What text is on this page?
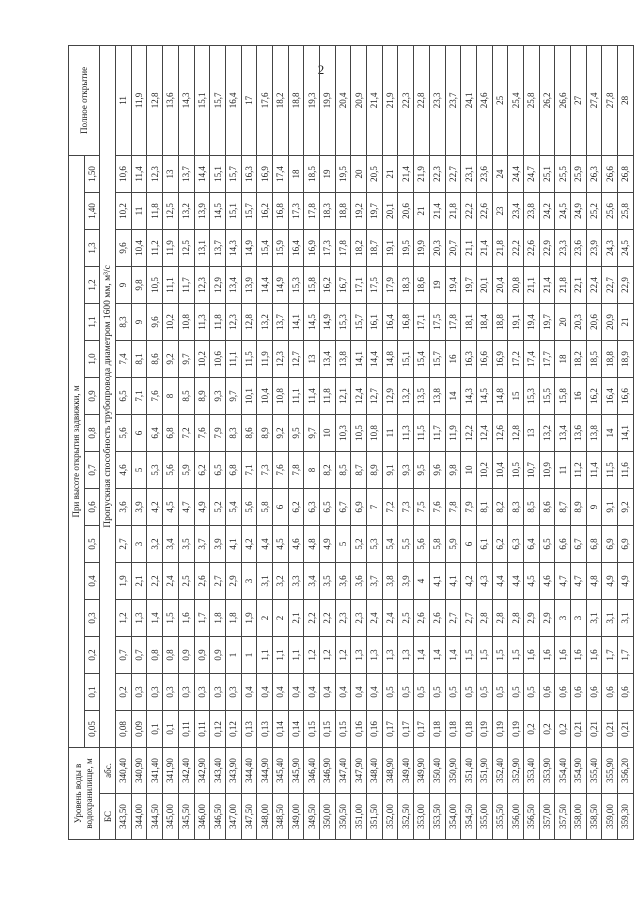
2
Уровень воды в водохранилище, м		При высоте открытия задвижки, м																Полное открытие
		0,05	0,1	0,2	0,3	0,4	0,5	0,6	0,7	0,8	0,9	1,0	1,1	1,2	1,3	1,40	1,50	
БС	абс.	Пропускная способность трубопровода диаметром 1600 мм, м³/с																
343,50	340,40	0,08	0,2	0,7	1,2	1,9	2,7	3,6	4,6	5,6	6,5	7,4	8,3	9	9,6	10,2	10,6	11
344,00	340,90	0,09	0,3	0,7	1,3	2,1	3	3,9	5	6	7,1	8,1	9	9,8	10,4	11	11,4	11,9
344,50	341,40	0,1	0,3	0,8	1,4	2,2	3,2	4,2	5,3	6,4	7,6	8,6	9,6	10,5	11,2	11,8	12,3	12,8
345,00	341,90	0,1	0,3	0,8	1,5	2,4	3,4	4,5	5,6	6,8	8	9,2	10,2	11,1	11,9	12,5	13	13,6
345,50	342,40	0,11	0,3	0,9	1,6	2,5	3,5	4,7	5,9	7,2	8,5	9,7	10,8	11,7	12,5	13,2	13,7	14,3
346,00	342,90	0,11	0,3	0,9	1,7	2,6	3,7	4,9	6,2	7,6	8,9	10,2	11,3	12,3	13,1	13,9	14,4	15,1
346,50	343,40	0,12	0,3	0,9	1,8	2,7	3,9	5,2	6,5	7,9	9,3	10,6	11,8	12,9	13,7	14,5	15,1	15,7
347,00	343,90	0,12	0,3	1	1,8	2,9	4,1	5,4	6,8	8,3	9,7	11,1	12,3	13,4	14,3	15,1	15,7	16,4
347,50	344,40	0,13	0,4	1	1,9	3	4,2	5,6	7,1	8,6	10,1	11,5	12,8	13,9	14,9	15,7	16,3	17
348,00	344,90	0,13	0,4	1,1	2	3,1	4,4	5,8	7,3	8,9	10,4	11,9	13,2	14,4	15,4	16,2	16,9	17,6
348,50	345,40	0,14	0,4	1,1	2	3,2	4,5	6	7,6	9,2	10,8	12,3	13,7	14,9	15,9	16,8	17,4	18,2
349,00	345,90	0,14	0,4	1,1	2,1	3,3	4,6	6,2	7,8	9,5	11,1	12,7	14,1	15,3	16,4	17,3	18	18,8
349,50	346,40	0,15	0,4	1,2	2,2	3,4	4,8	6,3	8	9,7	11,4	13	14,5	15,8	16,9	17,8	18,5	19,3
350,00	346,90	0,15	0,4	1,2	2,2	3,5	4,9	6,5	8,2	10	11,8	13,4	14,9	16,2	17,3	18,3	19	19,9
350,50	347,40	0,15	0,4	1,2	2,3	3,6	5	6,7	8,5	10,3	12,1	13,8	15,3	16,7	17,8	18,8	19,5	20,4
351,00	347,90	0,16	0,4	1,3	2,3	3,6	5,2	6,9	8,7	10,5	12,4	14,1	15,7	17,1	18,2	19,2	20	20,9
351,50	348,40	0,16	0,4	1,3	2,4	3,7	5,3	7	8,9	10,8	12,7	14,4	16,1	17,5	18,7	19,7	20,5	21,4
352,00	348,90	0,17	0,5	1,3	2,4	3,8	5,4	7,2	9,1	11	12,9	14,8	16,4	17,9	19,1	20,1	21	21,9
352,50	349,40	0,17	0,5	1,3	2,5	3,9	5,5	7,3	9,3	11,3	13,2	15,1	16,8	18,3	19,5	20,6	21,4	22,3
353,00	349,90	0,17	0,5	1,4	2,6	4	5,6	7,5	9,5	11,5	13,5	15,4	17,1	18,6	19,9	21	21,9	22,8
353,50	350,40	0,18	0,5	1,4	2,6	4,1	5,8	7,6	9,6	11,7	13,8	15,7	17,5	19	20,3	21,4	22,3	23,3
354,00	350,90	0,18	0,5	1,4	2,7	4,1	5,9	7,8	9,8	11,9	14	16	17,8	19,4	20,7	21,8	22,7	23,7
354,50	351,40	0,18	0,5	1,5	2,7	4,2	6	7,9	10	12,2	14,3	16,3	18,1	19,7	21,1	22,2	23,1	24,1
355,00	351,90	0,19	0,5	1,5	2,8	4,3	6,1	8,1	10,2	12,4	14,5	16,6	18,4	20,1	21,4	22,6	23,6	24,6
355,50	352,40	0,19	0,5	1,5	2,8	4,4	6,2	8,2	10,4	12,6	14,8	16,9	18,8	20,4	21,8	23	24	25
356,00	352,90	0,19	0,5	1,5	2,8	4,4	6,3	8,3	10,5	12,8	15	17,2	19,1	20,8	22,2	23,4	24,4	25,4
356,50	353,40	0,2	0,5	1,6	2,9	4,5	6,4	8,5	10,7	13	15,3	17,4	19,4	21,1	22,6	23,8	24,7	25,8
357,00	353,90	0,2	0,6	1,6	2,9	4,6	6,5	8,6	10,9	13,2	15,5	17,7	19,7	21,4	22,9	24,2	25,1	26,2
357,50	354,40	0,2	0,6	1,6	3	4,7	6,6	8,7	11	13,4	15,8	18	20	21,8	23,3	24,5	25,5	26,6
358,00	354,90	0,21	0,6	1,6	3	4,7	6,7	8,9	11,2	13,6	16	18,2	20,3	22,1	23,6	24,9	25,9	27
358,50	355,40	0,21	0,6	1,6	3,1	4,8	6,8	9	11,4	13,8	16,2	18,5	20,6	22,4	23,9	25,2	26,3	27,4
359,00	355,90	0,21	0,6	1,7	3,1	4,9	6,9	9,1	11,5	14	16,4	18,8	20,9	22,7	24,3	25,6	26,6	27,8
359,30	356,20	0,21	0,6	1,7	3,1	4,9	6,9	9,2	11,6	14,1	16,6	18,9	21	22,9	24,5	25,8	26,8	28
